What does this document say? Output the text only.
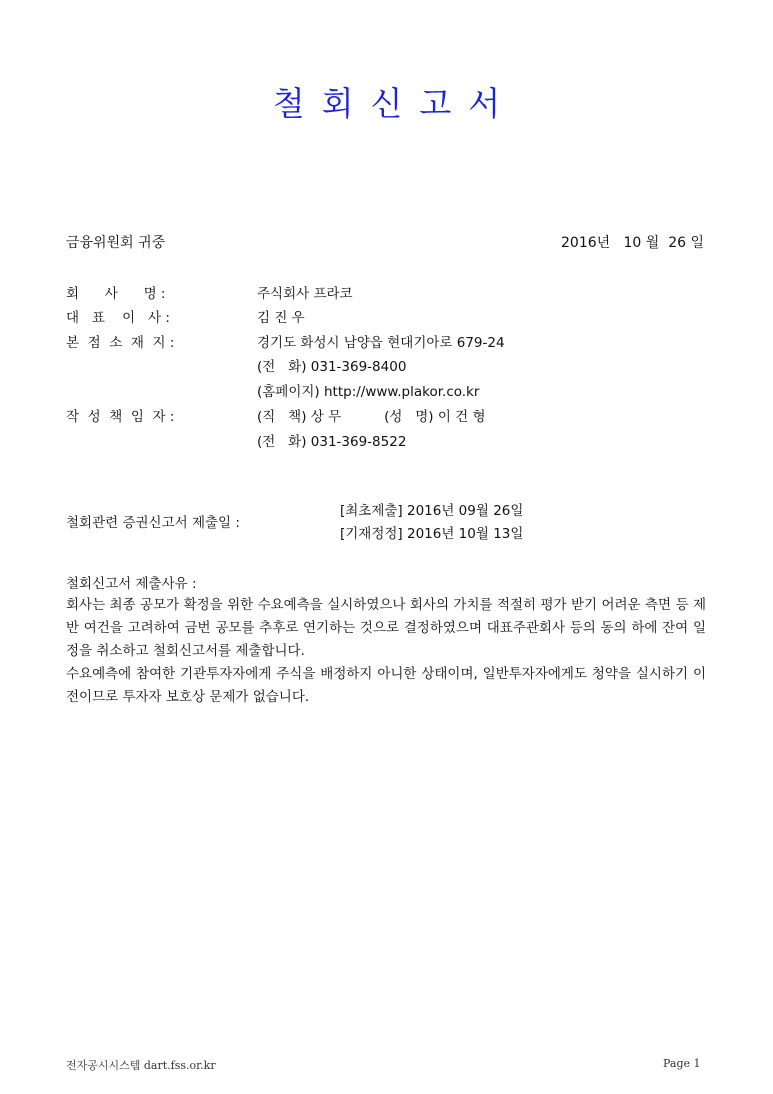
철회신고서
금융위원회 귀중	2016년   10 월  26 일
회      사      명 :	주식회사 프라코
대   표    이   사 :	김 진 우
본  점  소  재  지 :	경기도 화성시 남양읍 현대기아로 679-24
(전   화) 031-369-8400
(홈페이지) http://www.plakor.co.kr
작  성  책  임  자 :	(직   책) 상 무          (성   명) 이 건 형
(전   화) 031-369-8522
철회관련 증권신고서 제출일 :
[최초제출] 2016년 09월 26일
[기재정정] 2016년 10월 13일
철회신고서 제출사유 :

회사는 최종 공모가 확정을 위한 수요예측을 실시하였으나 회사의 가치를 적절히 평가 받기 어려운 측면 등 제반 여건을 고려하여 금번 공모를 추후로 연기하는 것으로 결정하였으며 대표주관회사 등의 동의 하에 잔여 일정을 취소하고 철회신고서를 제출합니다.

수요예측에 참여한 기관투자자에게 주식을 배정하지 아니한 상태이며, 일반투자자에게도 청약을 실시하기 이전이므로 투자자 보호상 문제가 없습니다.

전자공시시스템 dart.fss.or.kr	Page 1
